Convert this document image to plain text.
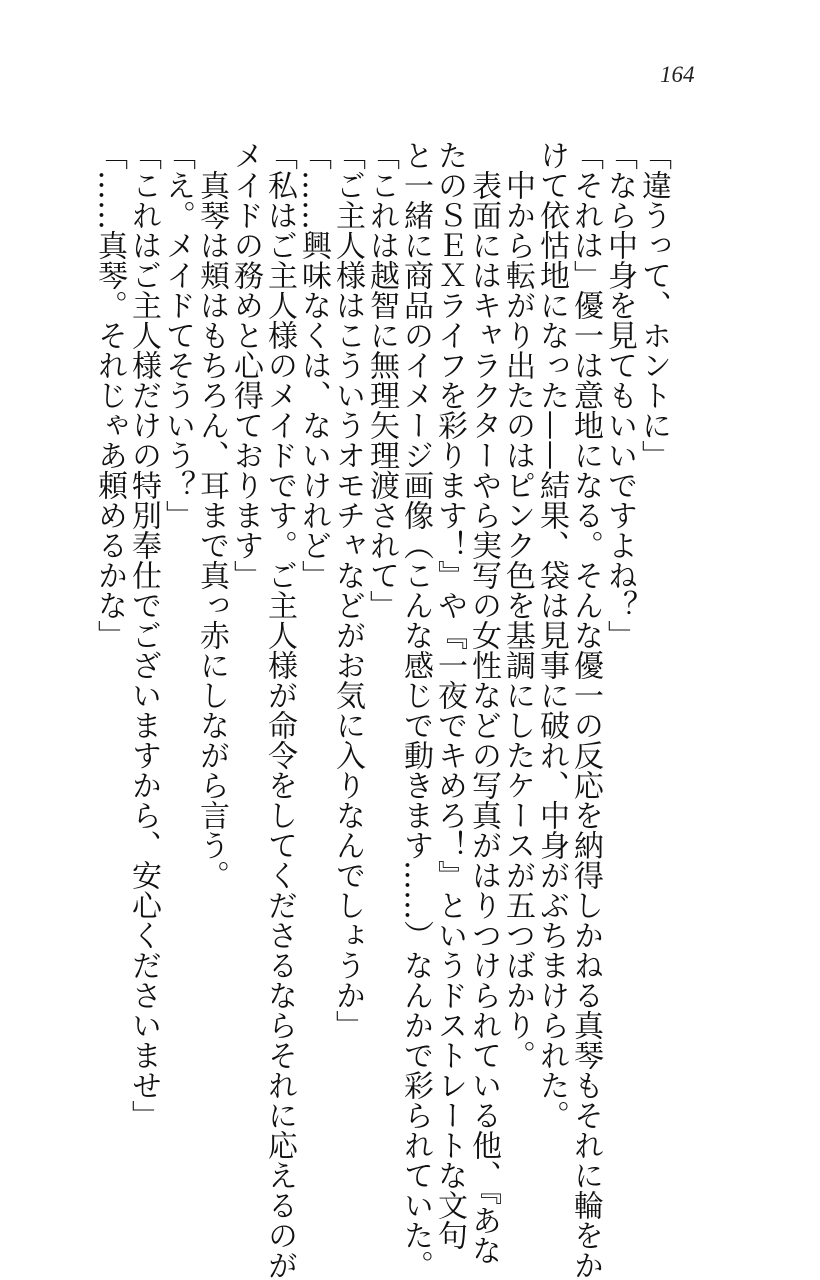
164
「違うって、ホントに」
「なら中身を見てもいいですよね？」
「それは」優一は意地になる。そんな優一の反応を納得しかねる真琴もそれに輪をか
けて依怙地になった——結果、袋は見事に破れ、中身がぶちまけられた。
中から転がり出たのはピンク色を基調にしたケースが五つばかり。
表面にはキャラクターやら実写の女性などの写真がはりつけられている他、『あな
たのＳＥＸライフを彩ります！』や『一夜でキめろ！』というドストレートな文句
と一緒に商品のイメージ画像（こんな感じで動きます……）なんかで彩られていた。
「これは越智に無理矢理渡されて」
「ご主人様はこういうオモチャなどがお気に入りなんでしょうか」
「……興味なくは、ないけれど」
「私はご主人様のメイドです。ご主人様が命令をしてくださるならそれに応えるのが
メイドの務めと心得ております」
真琴は頬はもちろん、耳まで真っ赤にしながら言う。
「え。メイドてそういう？」
「これはご主人様だけの特別奉仕でございますから、安心くださいませ」
「……真琴。それじゃあ頼めるかな」
